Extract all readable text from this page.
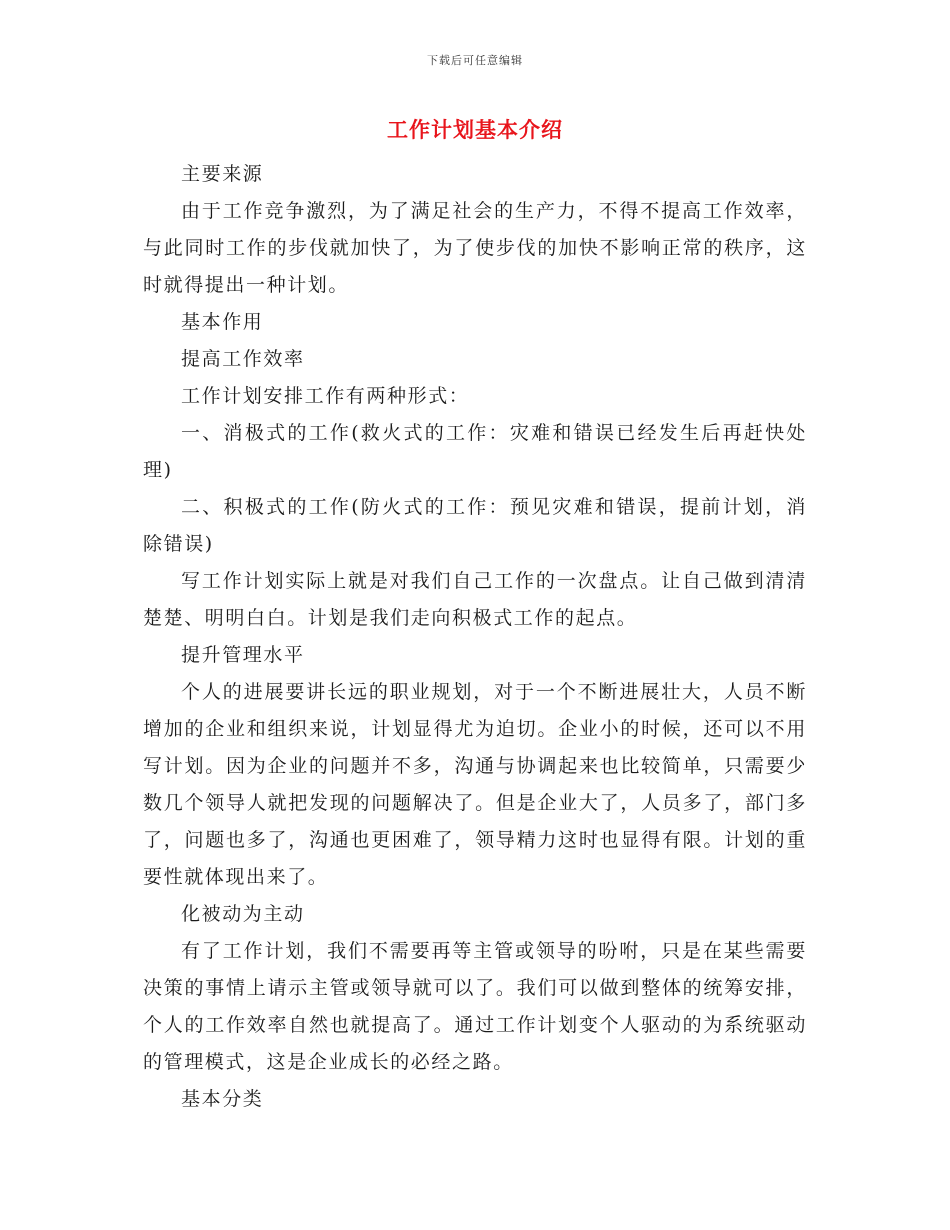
下载后可任意编辑
工作计划基本介绍

主要来源

由于工作竞争激烈，为了满足社会的生产力，不得不提高工作效率，与此同时工作的步伐就加快了，为了使步伐的加快不影响正常的秩序，这时就得提出一种计划。

基本作用

提高工作效率

工作计划安排工作有两种形式：

一、消极式的工作(救火式的工作：灾难和错误已经发生后再赶快处理)

二、积极式的工作(防火式的工作：预见灾难和错误，提前计划，消除错误)

写工作计划实际上就是对我们自己工作的一次盘点。让自己做到清清楚楚、明明白白。计划是我们走向积极式工作的起点。

提升管理水平

个人的进展要讲长远的职业规划，对于一个不断进展壮大，人员不断增加的企业和组织来说，计划显得尤为迫切。企业小的时候，还可以不用写计划。因为企业的问题并不多，沟通与协调起来也比较简单，只需要少数几个领导人就把发现的问题解决了。但是企业大了，人员多了，部门多了，问题也多了，沟通也更困难了，领导精力这时也显得有限。计划的重要性就体现出来了。

化被动为主动

有了工作计划，我们不需要再等主管或领导的吩咐，只是在某些需要决策的事情上请示主管或领导就可以了。我们可以做到整体的统筹安排，个人的工作效率自然也就提高了。通过工作计划变个人驱动的为系统驱动的管理模式，这是企业成长的必经之路。

基本分类
